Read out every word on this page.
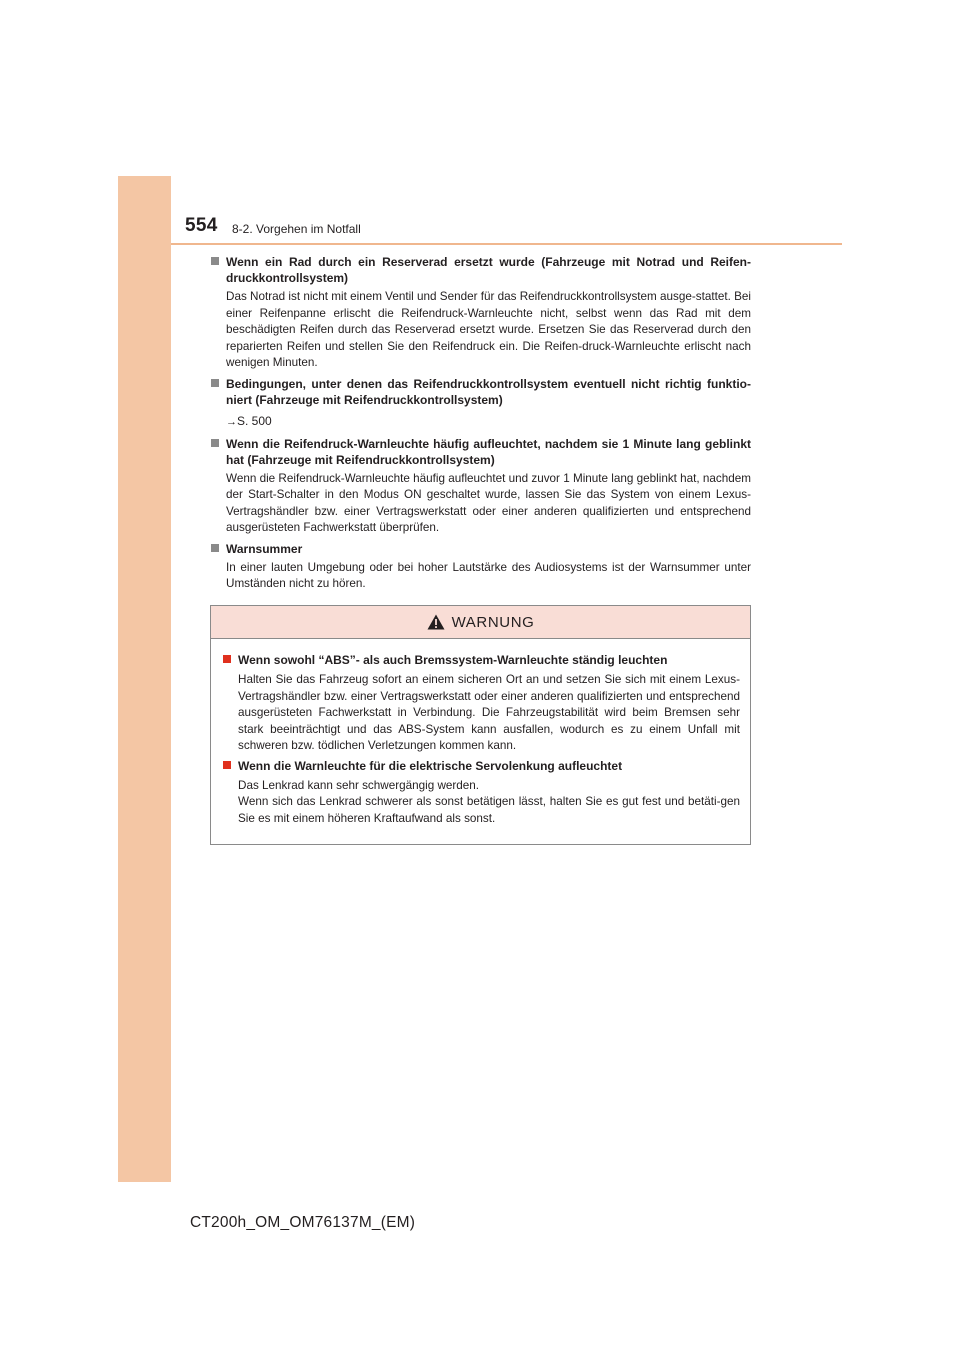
554 8-2. Vorgehen im Notfall
Wenn ein Rad durch ein Reserverad ersetzt wurde (Fahrzeuge mit Notrad und Reifen-druckkontrollsystem)
Das Notrad ist nicht mit einem Ventil und Sender für das Reifendruckkontrollsystem ausge-stattet. Bei einer Reifenpanne erlischt die Reifendruck-Warnleuchte nicht, selbst wenn das Rad mit dem beschädigten Reifen durch das Reserverad ersetzt wurde. Ersetzen Sie das Reserverad durch den reparierten Reifen und stellen Sie den Reifendruck ein. Die Reifen-druck-Warnleuchte erlischt nach wenigen Minuten.
Bedingungen, unter denen das Reifendruckkontrollsystem eventuell nicht richtig funktio-niert (Fahrzeuge mit Reifendruckkontrollsystem)
→S. 500
Wenn die Reifendruck-Warnleuchte häufig aufleuchtet, nachdem sie 1 Minute lang geblinkt hat (Fahrzeuge mit Reifendruckkontrollsystem)
Wenn die Reifendruck-Warnleuchte häufig aufleuchtet und zuvor 1 Minute lang geblinkt hat, nachdem der Start-Schalter in den Modus ON geschaltet wurde, lassen Sie das System von einem Lexus-Vertragshändler bzw. einer Vertragswerkstatt oder einer anderen qualifizierten und entsprechend ausgerüsteten Fachwerkstatt überprüfen.
Warnsummer
In einer lauten Umgebung oder bei hoher Lautstärke des Audiosystems ist der Warnsummer unter Umständen nicht zu hören.
WARNUNG
Wenn sowohl “ABS”- als auch Bremssystem-Warnleuchte ständig leuchten
Halten Sie das Fahrzeug sofort an einem sicheren Ort an und setzen Sie sich mit einem Lexus-Vertragshändler bzw. einer Vertragswerkstatt oder einer anderen qualifizierten und entsprechend ausgerüsteten Fachwerkstatt in Verbindung. Die Fahrzeugstabilität wird beim Bremsen sehr stark beeinträchtigt und das ABS-System kann ausfallen, wodurch es zu einem Unfall mit schweren bzw. tödlichen Verletzungen kommen kann.
Wenn die Warnleuchte für die elektrische Servolenkung aufleuchtet
Das Lenkrad kann sehr schwergängig werden.
Wenn sich das Lenkrad schwerer als sonst betätigen lässt, halten Sie es gut fest und betäti-gen Sie es mit einem höheren Kraftaufwand als sonst.
CT200h_OM_OM76137M_(EM)
